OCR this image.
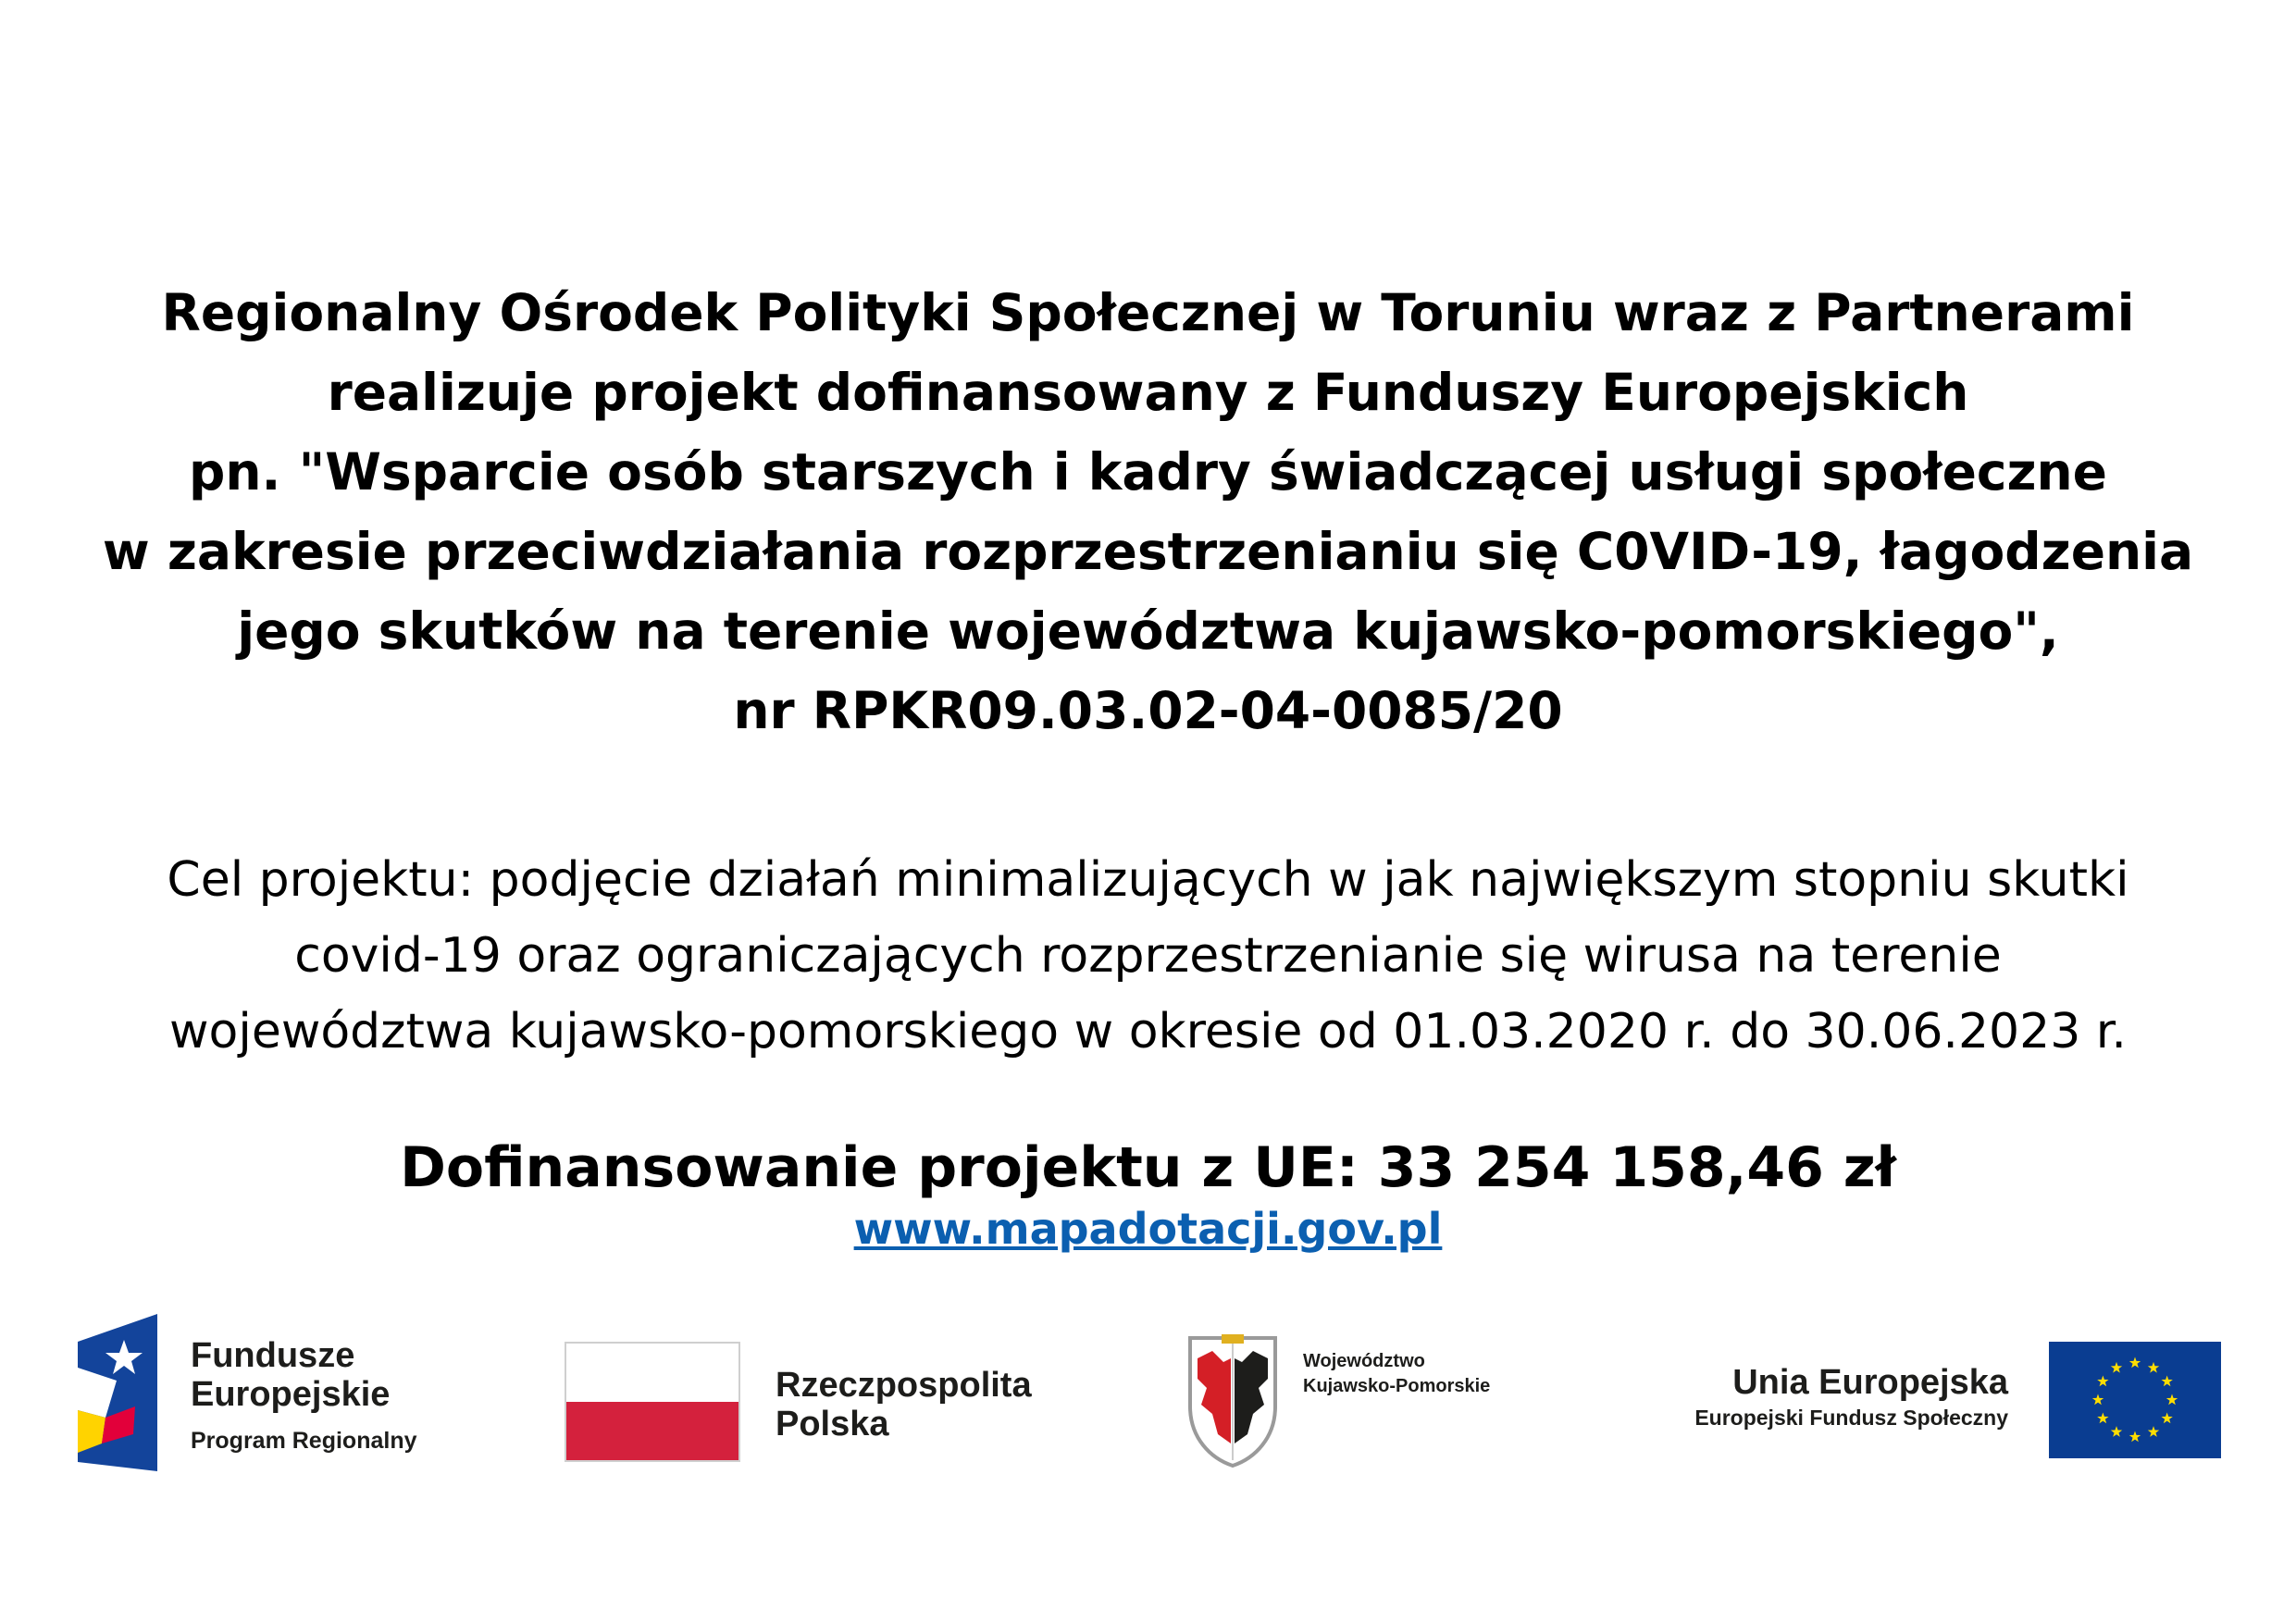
Regionalny Ośrodek Polityki Społecznej w Toruniu wraz z Partnerami
realizuje projekt dofinansowany z Funduszy Europejskich
pn. "Wsparcie osób starszych i kadry świadczącej usługi społeczne
w zakresie przeciwdziałania rozprzestrzenianiu się C0VID-19, łagodzenia
jego skutków na terenie województwa kujawsko-pomorskiego",
nr RPKR09.03.02-04-0085/20
Cel projektu: podjęcie działań minimalizujących w jak największym stopniu skutki
covid-19 oraz ograniczających rozprzestrzenianie się wirusa na terenie
województwa kujawsko-pomorskiego w okresie od 01.03.2020 r. do 30.06.2023 r.
Dofinansowanie projektu z UE: 33 254 158,46 zł
www.mapadotacji.gov.pl
Fundusze
Europejskie
Program Regionalny
Rzeczpospolita
Polska
Województwo
Kujawsko-Pomorskie	Unia Europejska
Europejski Fundusz Społeczny
